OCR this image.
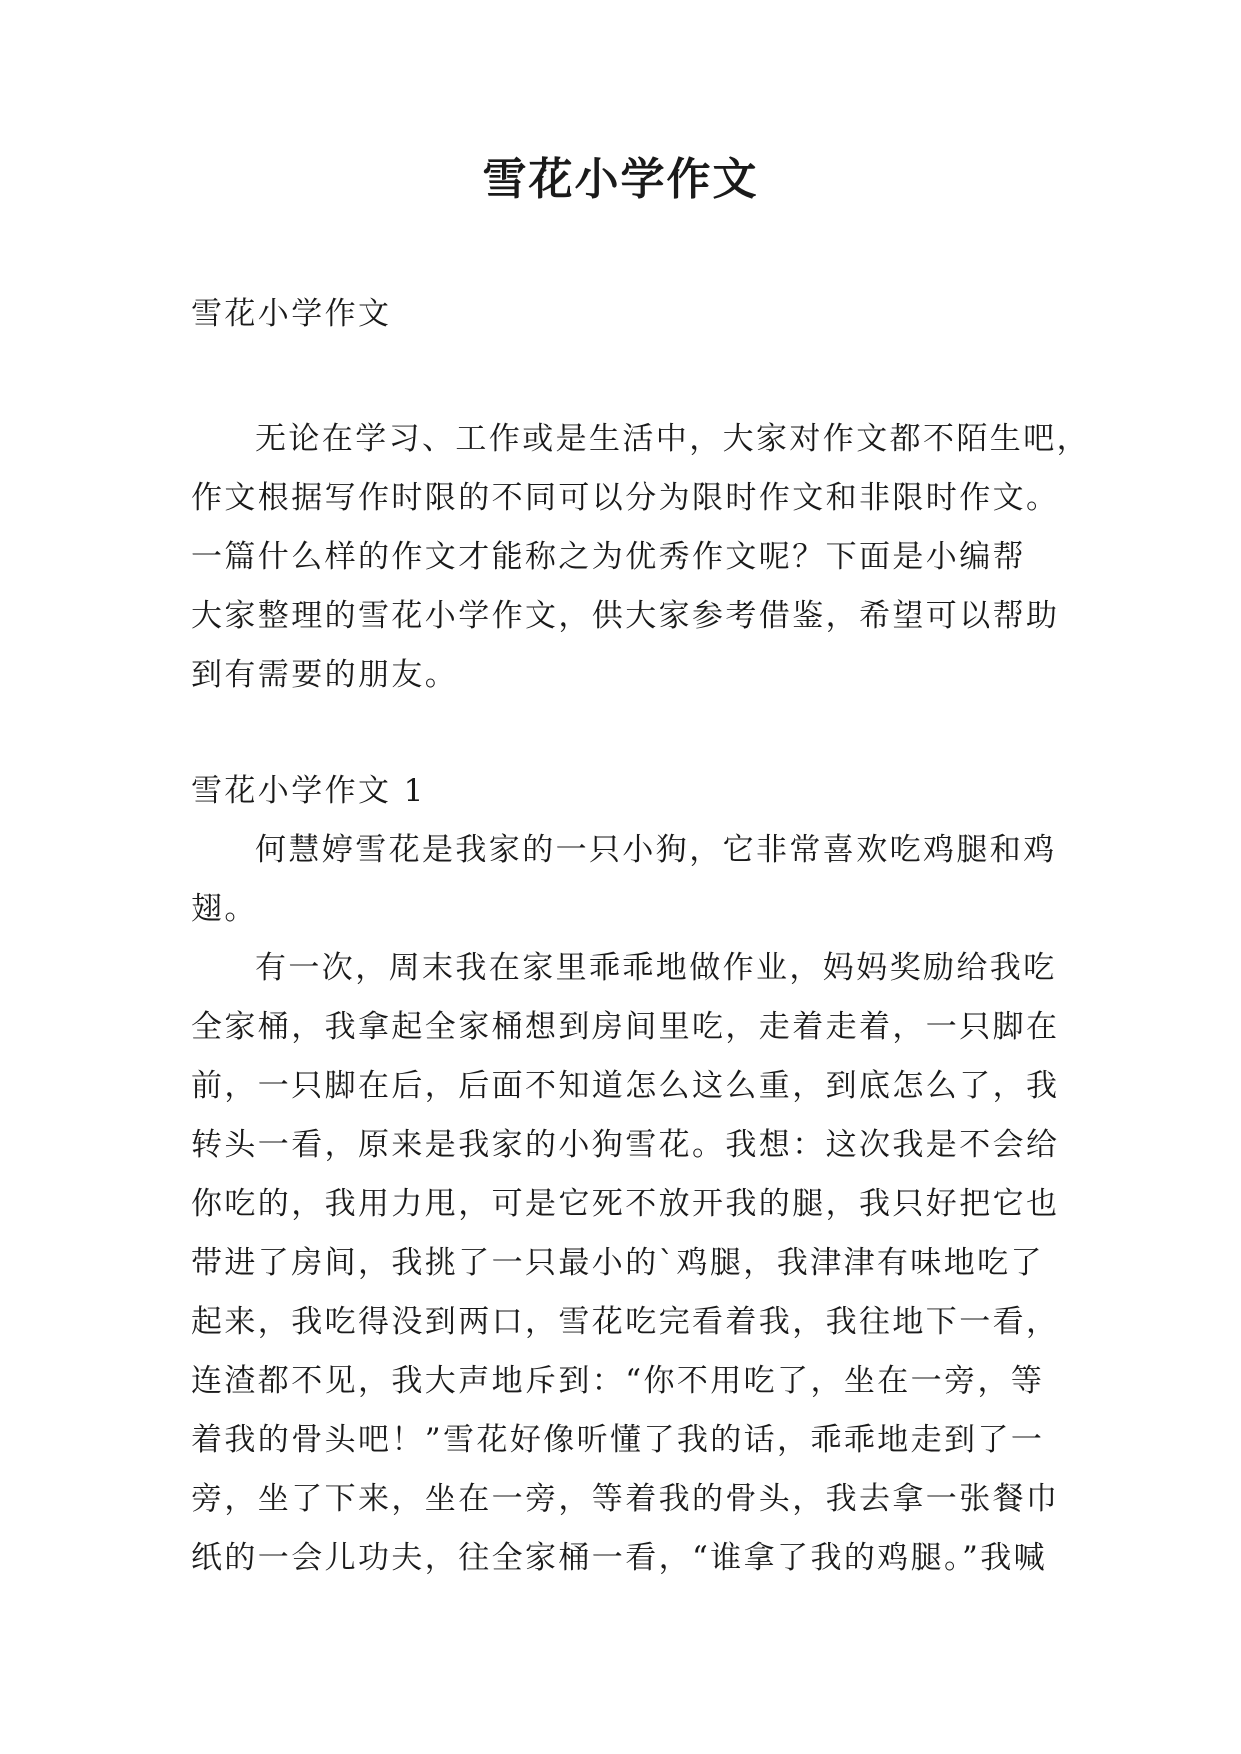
雪花小学作文
雪花小学作文
无论在学习、工作或是生活中，大家对作文都不陌生吧，
作文根据写作时限的不同可以分为限时作文和非限时作文。
一篇什么样的作文才能称之为优秀作文呢？下面是小编帮
大家整理的雪花小学作文，供大家参考借鉴，希望可以帮助
到有需要的朋友。
雪花小学作文 1
何慧婷雪花是我家的一只小狗，它非常喜欢吃鸡腿和鸡
翅。
有一次，周末我在家里乖乖地做作业，妈妈奖励给我吃
全家桶，我拿起全家桶想到房间里吃，走着走着，一只脚在
前，一只脚在后，后面不知道怎么这么重，到底怎么了，我
转头一看，原来是我家的小狗雪花。我想：这次我是不会给
你吃的，我用力甩，可是它死不放开我的腿，我只好把它也
带进了房间，我挑了一只最小的`鸡腿，我津津有味地吃了
起来，我吃得没到两口，雪花吃完看着我，我往地下一看，
连渣都不见，我大声地斥到：“你不用吃了，坐在一旁，等
着我的骨头吧！”雪花好像听懂了我的话，乖乖地走到了一
旁，坐了下来，坐在一旁，等着我的骨头，我去拿一张餐巾
纸的一会儿功夫，往全家桶一看，“谁拿了我的鸡腿。”我喊
